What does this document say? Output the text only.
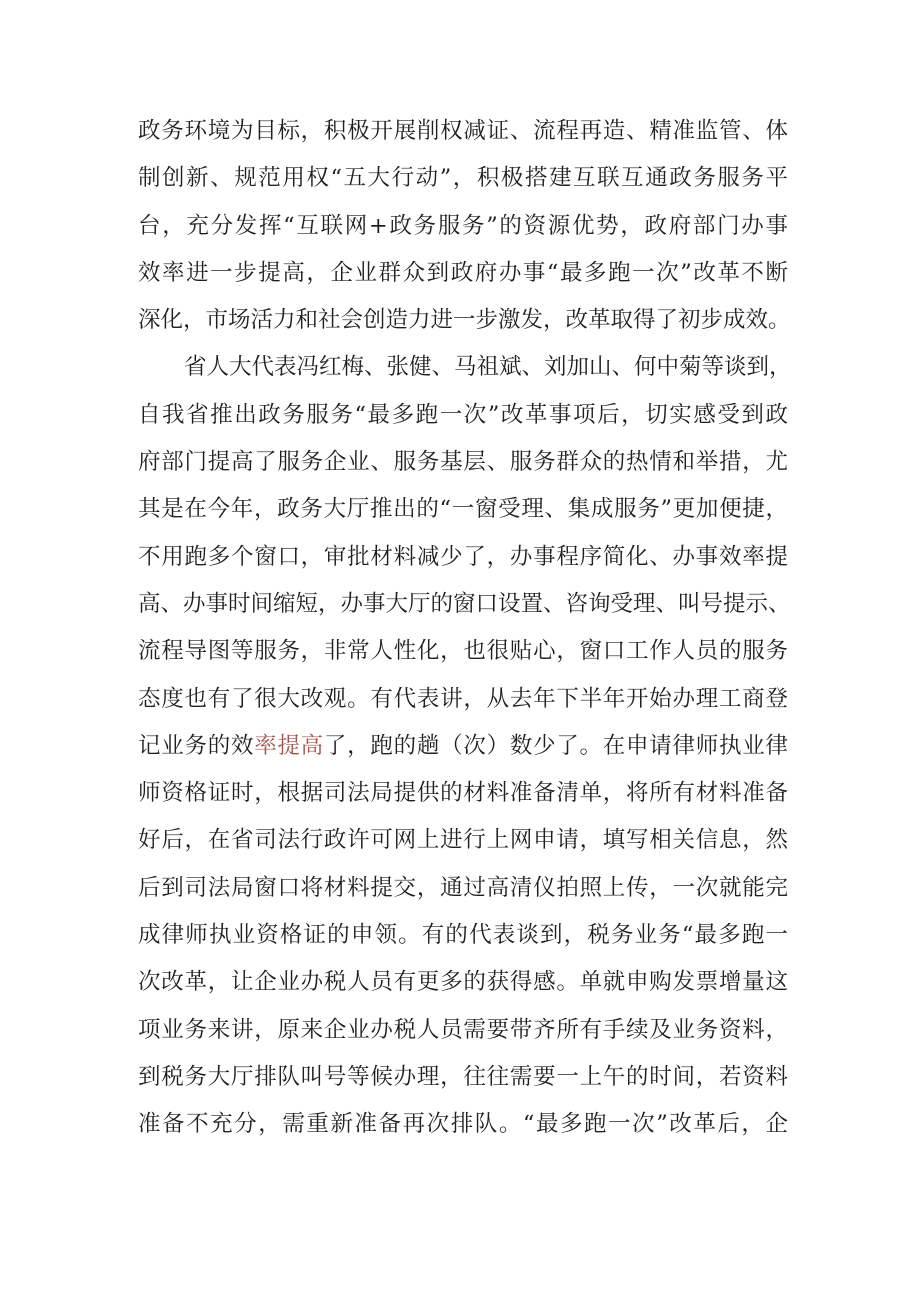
政务环境为目标，积极开展削权减证、流程再造、精准监管、体
制创新、规范用权“五大行动”，积极搭建互联互通政务服务平
台，充分发挥“互联网+政务服务”的资源优势，政府部门办事
效率进一步提高，企业群众到政府办事“最多跑一次”改革不断
深化，市场活力和社会创造力进一步激发，改革取得了初步成效。
省人大代表冯红梅、张健、马祖斌、刘加山、何中菊等谈到，
自我省推出政务服务“最多跑一次”改革事项后，切实感受到政
府部门提高了服务企业、服务基层、服务群众的热情和举措，尤
其是在今年，政务大厅推出的“一窗受理、集成服务”更加便捷，
不用跑多个窗口，审批材料减少了，办事程序简化、办事效率提
高、办事时间缩短，办事大厅的窗口设置、咨询受理、叫号提示、
流程导图等服务，非常人性化，也很贴心，窗口工作人员的服务
态度也有了很大改观。有代表讲，从去年下半年开始办理工商登
记业务的效率提高了，跑的趟（次）数少了。在申请律师执业律
师资格证时，根据司法局提供的材料准备清单，将所有材料准备
好后，在省司法行政许可网上进行上网申请，填写相关信息，然
后到司法局窗口将材料提交，通过高清仪拍照上传，一次就能完
成律师执业资格证的申领。有的代表谈到，税务业务“最多跑一
次改革，让企业办税人员有更多的获得感。单就申购发票增量这
项业务来讲，原来企业办税人员需要带齐所有手续及业务资料，
到税务大厅排队叫号等候办理，往往需要一上午的时间，若资料
准备不充分，需重新准备再次排队。“最多跑一次”改革后，企
